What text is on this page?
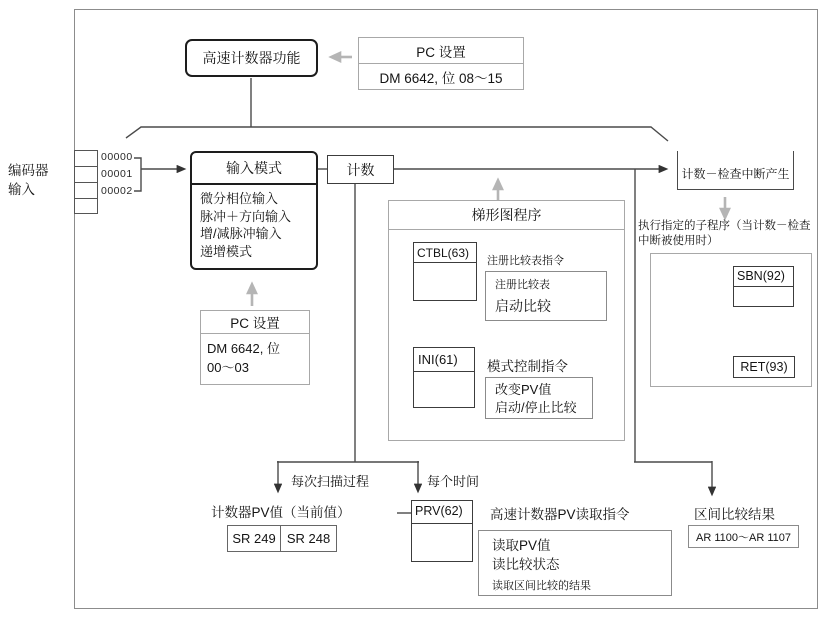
编码器
输入
00000
00001
00002
高速计数器功能	PC 设置
DM 6642, 位 08～15
输入模式
微分相位输入
脉冲＋方向输入
增/减脉冲输入
递增模式
计数
PC 设置
DM 6642, 位
00～03
梯形图程序
CTBL(63)
注册比较表指令
注册比较表
启动比较
INI(61)	模式控制指令
改变PV值
启动/停止比较
计数－检查中断产生
执行指定的子程序（当计数－检查
中断被使用时）
SBN(92)
RET(93)
每次扫描过程	每个时间
计数器PV值（当前值）
SR 249 SR 248
PRV(62)	高速计数器PV读取指令
读取PV值
读比较状态
读取区间比较的结果
区间比较结果
AR 1100～AR 1107
